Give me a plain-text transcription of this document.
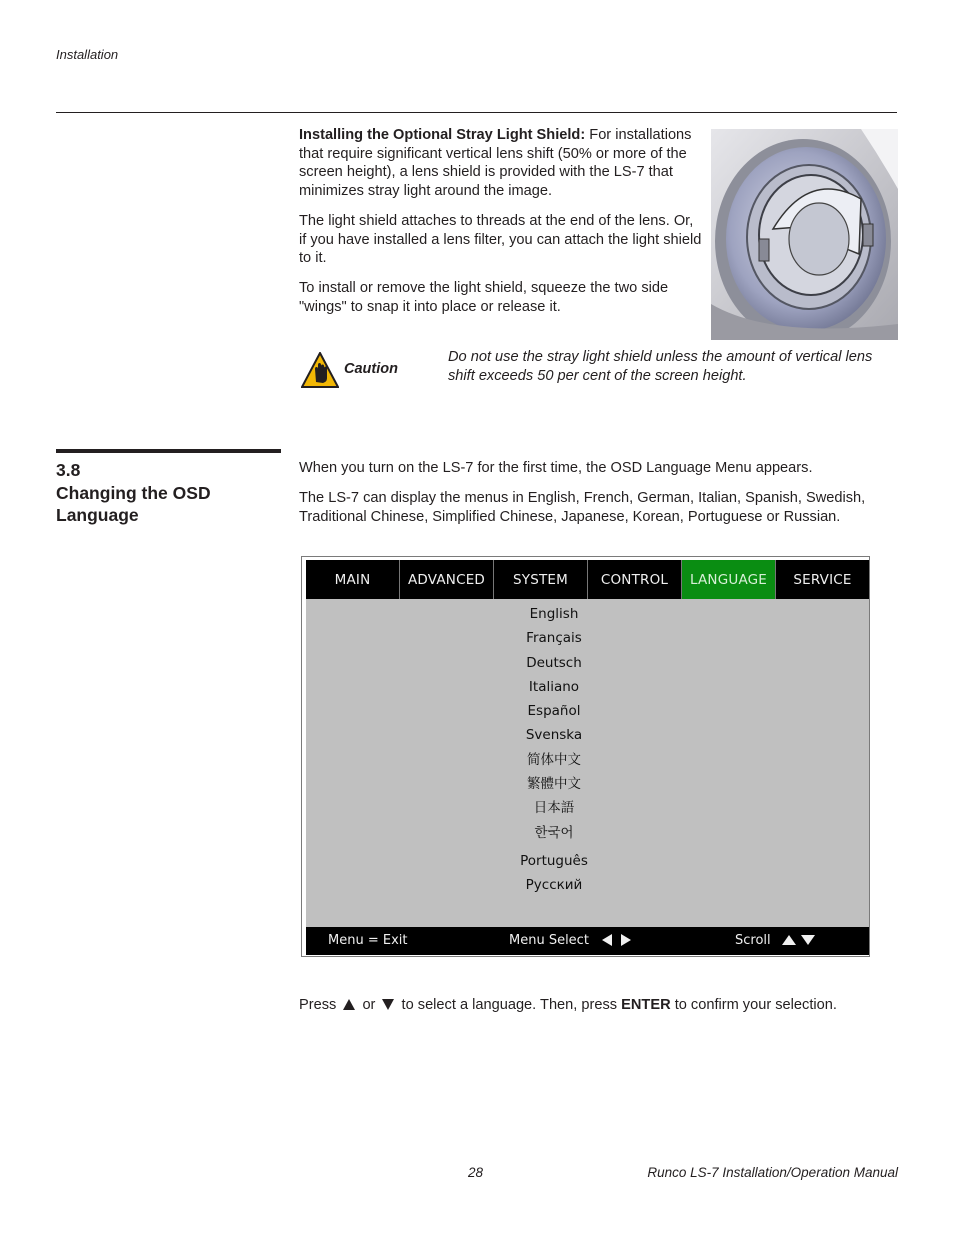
Installation
Installing the Optional Stray Light Shield: For installations that require significant vertical lens shift (50% or more of the screen height), a lens shield is provided with the LS-7 that minimizes stray light around the image.
The light shield attaches to threads at the end of the lens. Or, if you have installed a lens filter, you can attach the light shield to it.
To install or remove the light shield, squeeze the two side "wings" to snap it into place or release it.
Caution
Do not use the stray light shield unless the amount of vertical lens shift exceeds 50 per cent of the screen height.
3.8
Changing the OSD
Language
When you turn on the LS-7 for the first time, the OSD Language Menu appears.
The LS-7 can display the menus in English, French, German, Italian, Spanish, Swedish, Traditional Chinese, Simplified Chinese, Japanese, Korean, Portuguese or Russian.
MAIN	ADVANCED	SYSTEM	CONTROL	LANGUAGE	SERVICE
English
Français
Deutsch
Italiano
Español
Svenska
简体中文
繁體中文
日本語
한국어
Português
Русский
Menu = Exit	Menu Select	Scroll
Press or to select a language. Then, press ENTER to confirm your selection.
28	Runco LS-7 Installation/Operation Manual
